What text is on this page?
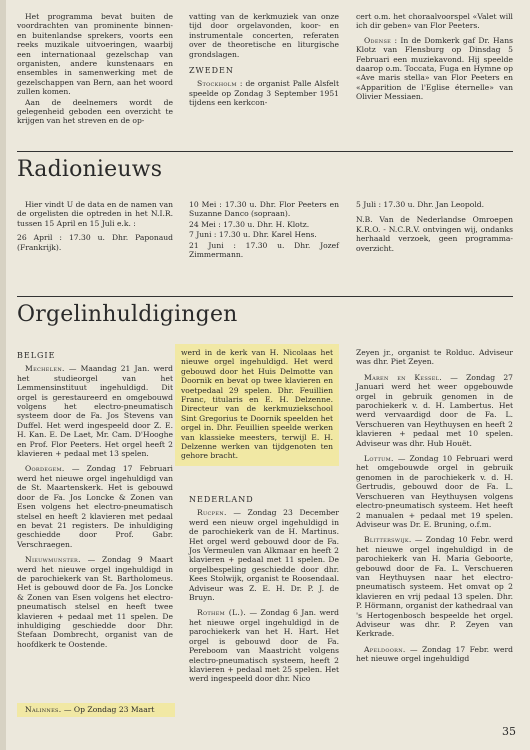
Het programma bevat buiten de voordrachten van prominente binnen- en buitenlandse sprekers, voorts een reeks muzikale uitvoeringen, waarbij een internationaal gezelschap van organisten, andere kunstenaars en ensembles in samenwerking met de gezelschappen van Bern, aan het woord zullen komen.

Aan de deelnemers wordt de gelegenheid geboden een overzicht te krijgen van het streven en de op-

vatting van de kerkmuziek van onze tijd door orgelavonden, koor- en instrumentale concerten, referaten over de theoretische en liturgische grondslagen.

ZWEDEN

Stockholm : de organist Palle Alsfelt speelde op Zondag 3 September 1951 tijdens een kerkcon-

cert o.m. het choraalvoorspel «Valet will ich dir geben» van Flor Peeters.

Odense : In de Domkerk gaf Dr. Hans Klotz van Flensburg op Dinsdag 5 Februari een muziekavond. Hij speelde daarop o.m. Toccata, Fuga en Hymne op «Ave maris stella» van Flor Peeters en «Apparition de l'Eglise éternelle» van Olivier Messiaen.

Radionieuws

Hier vindt U de data en de namen van de orgelisten die optreden in het N.I.R. tussen 15 April en 15 Juli e.k. :

26 April : 17.30 u. Dhr. Paponaud (Frankrijk).

10 Mei : 17.30 u. Dhr. Flor Peeters en Suzanne Danco (sopraan).

24 Mei : 17.30 u. Dhr. H. Klotz.

7 Juni : 17.30 u. Dhr. Karel Hens.

21 Juni : 17.30 u. Dhr. Jozef Zimmermann.

5 Juli : 17.30 u. Dhr. Jan Leopold.

N.B. Van de Nederlandse Omroepen K.R.O. - N.C.R.V. ontvingen wij, ondanks herhaald verzoek, geen programma-overzicht.

Orgelinhuldigingen
BELGIE

Mechelen. — Maandag 21 Jan. werd het studieorgel van het Lemmensinstituut ingehuldigd. Dit orgel is gerestaureerd en omgebouwd volgens het electro-pneumatisch systeem door de Fa. Jos Stevens van Duffel. Het werd ingespeeld door Z. E. H. Kan. E. De Laet, Mr. Cam. D'Hooghe en Prof. Flor Peeters. Het orgel heeft 2 klavieren + pedaal met 13 spelen.

Oordegem. — Zondag 17 Februari werd het nieuwe orgel ingehuldigd van de St. Maartenskerk. Het is gebouwd door de Fa. Jos Loncke & Zonen van Esen volgens het electro-pneumatisch stelsel en heeft 2 klavieren met pedaal en bevat 21 registers. De inhuldiging geschiedde door Prof. Gabr. Verschraegen.

Nieuwmunster. — Zondag 9 Maart werd het nieuwe orgel ingehuldigd in de parochiekerk van St. Bartholomeus. Het is gebouwd door de Fa. Jos Loncke & Zonen van Esen volgens het electro-pneumatisch stelsel en heeft twee klavieren + pedaal met 11 spelen. De inhuldiging geschiedde door Dhr. Stefaan Dombrecht, organist van de hoofdkerk te Oostende.

Nalinnes. — Op Zondag 23 Maart

werd in de kerk van H. Nicolaas het nieuwe orgel ingehuldigd. Het werd gebouwd door het Huis Delmotte van Doornik en bevat op twee klavieren en voetpedaal 29 spelen. Dhr. Feuillien Franc, titularis en E. H. Delzenne. Directeur van de kerkmuziekschool Sint Gregorius te Doornik speelden het orgel in. Dhr. Feuillien speelde werken van klassieke meesters, terwijl E. H. Delzenne werken van tijdgenoten ten gehore bracht.

NEDERLAND

Rucpen. — Zondag 23 December werd een nieuw orgel ingehuldigd in de parochiekerk van de H. Martinus. Het orgel werd gebouwd door de Fa. Jos Vermeulen van Alkmaar en heeft 2 klavieren + pedaal met 11 spelen. De orgelbespeling geschiedde door dhr. Kees Stolwijk, organist te Roosendaal. Adviseur was Z. E. H. Dr. P. J. de Bruyn.

Rothem (L.). — Zondag 6 Jan. werd het nieuwe orgel ingehuldigd in de parochiekerk van het H. Hart. Het orgel is gebouwd door de Fa. Pereboom van Maastricht volgens electro-pneumatisch systeem, heeft 2 klavieren + pedaal met 25 spelen. Het werd ingespeeld door dhr. Nico

Zeyen jr., organist te Rolduc. Adviseur was dhr. Piet Zeyen.

Maren en Kessel. — Zondag 27 Januari werd het weer opgebouwde orgel in gebruik genomen in de parochiekerk v. d. H. Lambertus. Het werd vervaardigd door de Fa. L. Verschueren van Heythuysen en heeft 2 klavieren + pedaal met 10 spelen. Adviseur was dhr. Hub Houët.

Lottum. — Zondag 10 Februari werd het omgebouwde orgel in gebruik genomen in de parochiekerk v. d. H. Gertrudis, gebouwd door de Fa. L. Verschueren van Heythuysen volgens electro-pneumatisch systeem. Het heeft 2 manualen + pedaal met 19 spelen. Adviseur was Dr. E. Bruning, o.f.m.

Blitterswijk. — Zondag 10 Febr. werd het nieuwe orgel ingehuldigd in de parochiekerk van H. Maria Geboorte, gebouwd door de Fa. L. Verschueren van Heythuysen naar het electro-pneumatisch systeem. Het omvat op 2 klavieren en vrij pedaal 13 spelen. Dhr. P. Hörmann, organist der kathedraal van 's Hertogenbosch bespeelde het orgel. Adviseur was dhr. P. Zeyen van Kerkrade.

Apeldoorn. — Zondag 17 Febr. werd het nieuwe orgel ingehuldigd

35
